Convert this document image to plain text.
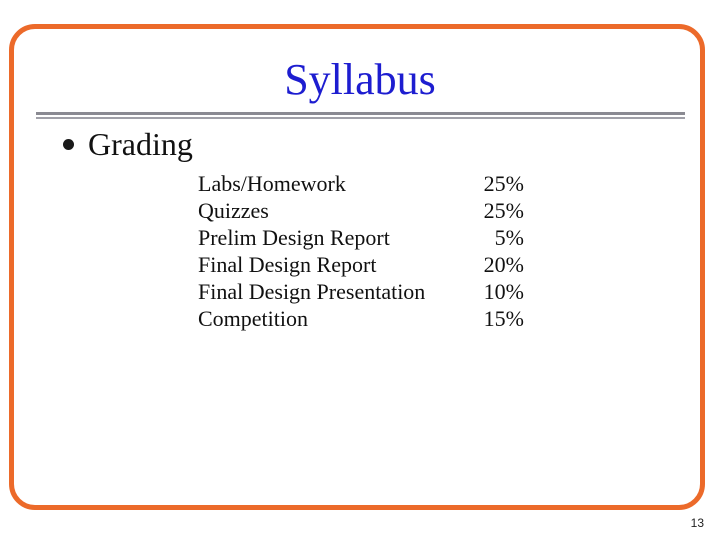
Syllabus
Grading
Labs/Homework	25%
Quizzes	25%
Prelim Design Report	5%
Final Design Report	20%
Final Design Presentation	10%
Competition	15%
13
